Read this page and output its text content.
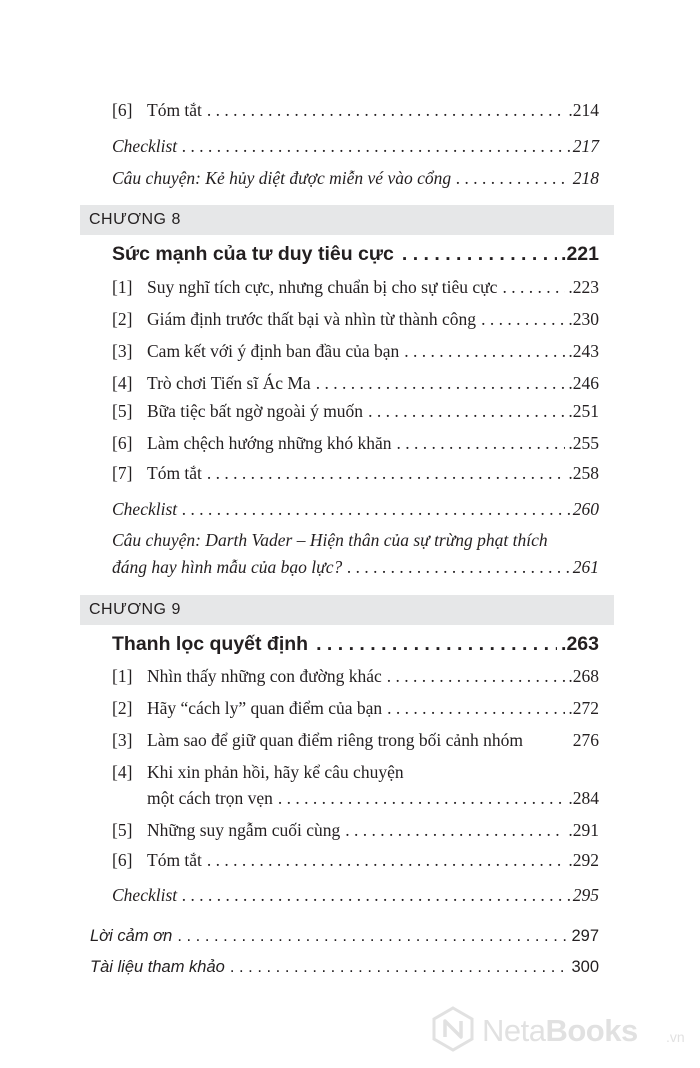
[6] Tóm tắt . . .	.214
Checklist . . .	217
Câu chuyện: Kẻ hủy diệt được miễn vé vào cổng . . .	218
CHƯƠNG 8
Sức mạnh của tư duy tiêu cực . . .	.221
[1] Suy nghĩ tích cực, nhưng chuẩn bị cho sự tiêu cực . . .	.223
[2] Giám định trước thất bại và nhìn từ thành công . . .	.230
[3] Cam kết với ý định ban đầu của bạn . . .	.243
[4] Trò chơi Tiến sĩ Ác Ma . . .	.246
[5] Bữa tiệc bất ngờ ngoài ý muốn . . .	.251
[6] Làm chệch hướng những khó khăn . . .	.255
[7] Tóm tắt . . .	.258
Checklist . . .	260
Câu chuyện: Darth Vader – Hiện thân của sự trừng phạt thích
đáng hay hình mẫu của bạo lực? . . .	261
CHƯƠNG 9
Thanh lọc quyết định . . .	.263
[1] Nhìn thấy những con đường khác . . .	.268
[2] Hãy “cách ly” quan điểm của bạn . . .	.272
[3] Làm sao để giữ quan điểm riêng trong bối cảnh nhóm	276
[4] Khi xin phản hồi, hãy kể câu chuyện
một cách trọn vẹn . . .	.284
[5] Những suy ngẫm cuối cùng . . .	.291
[6] Tóm tắt . . .	.292
Checklist . . .	295
Lời cảm ơn . . .	297
Tài liệu tham khảo . . .	300
NetaBooks .vn
